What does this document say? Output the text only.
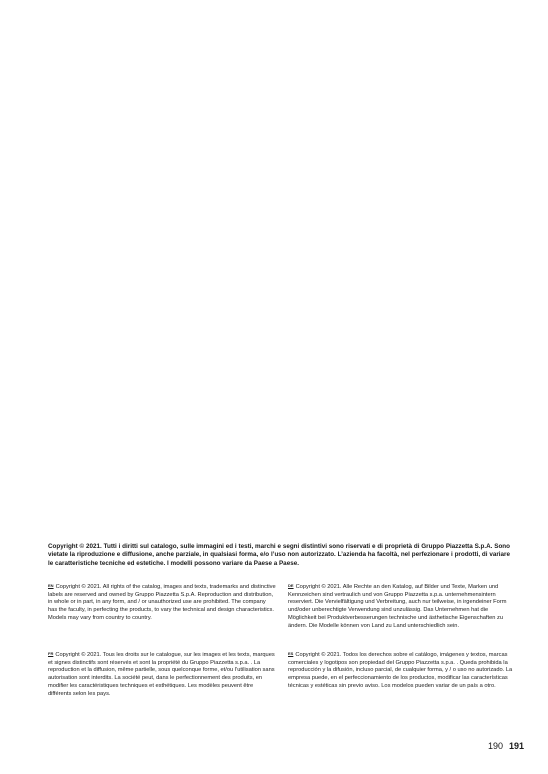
Copyright © 2021. Tutti i diritti sul catalogo, sulle immagini ed i testi, marchi e segni distintivi sono riservati e di proprietà di Gruppo Piazzetta S.p.A. Sono vietate la riproduzione e diffusione, anche parziale, in qualsiasi forma, e/o l’uso non autorizzato. L’azienda ha facoltà, nel perfezionare i prodotti, di variare le caratteristiche tecniche ed estetiche. I modelli possono variare da Paese a Paese.
EN Copyright © 2021. All rights of the catalog, images and texts, trademarks and distinctive labels are reserved and owned by Gruppo Piazzetta S.p.A. Reproduction and distribution, in whole or in part, in any form, and / or unauthorized use are prohibited. The company has the faculty, in perfecting the products, to vary the technical and design characteristics. Models may vary from country to country.
DE Copyright © 2021. Alle Rechte an den Katalog, auf Bilder und Texte, Marken und Kennzeichen sind vertraulich und von Gruppo Piazzetta s.p.a. unternehmensintern reserviert. Die Vervielfältigung und Verbreitung, auch nur teilweise, in irgendeiner Form und/oder unberechtigte Verwendung sind unzulässig. Das Unternehmen hat die Möglichkeit bei Produktverbesserungen technische und ästhetische Eigenschaften zu ändern. Die Modelle können von Land zu Land unterschiedlich sein.
FR Copyright © 2021. Tous les droits sur le catalogue, sur les images et les texts, marques et signes distinctifs sont réservés et sont la propriété du Gruppo Piazzetta s.p.a. . La reproduction et la diffusion, même partielle, sous quelconque forme, et/ou l’utilisation sans autorisation sont interdits. La société peut, dans le perfectionnement des produits, en modifier les caractéristiques techniques et esthétiques. Les modèles peuvent être différents selon les pays.
ES Copyright © 2021. Todos los derechos sobre el catálogo, imágenes y textos, marcas comerciales y logotipos son propiedad del Gruppo Piazzetta s.p.a. . Queda prohibida la reproducción y la difusión, incluso parcial, de cualquier forma, y / o uso no autorizado. La empresa puede, en el perfeccionamiento de los productos, modificar las características técnicas y estéticas sin previo aviso. Los modelos pueden variar de un país a otro.
190 191
